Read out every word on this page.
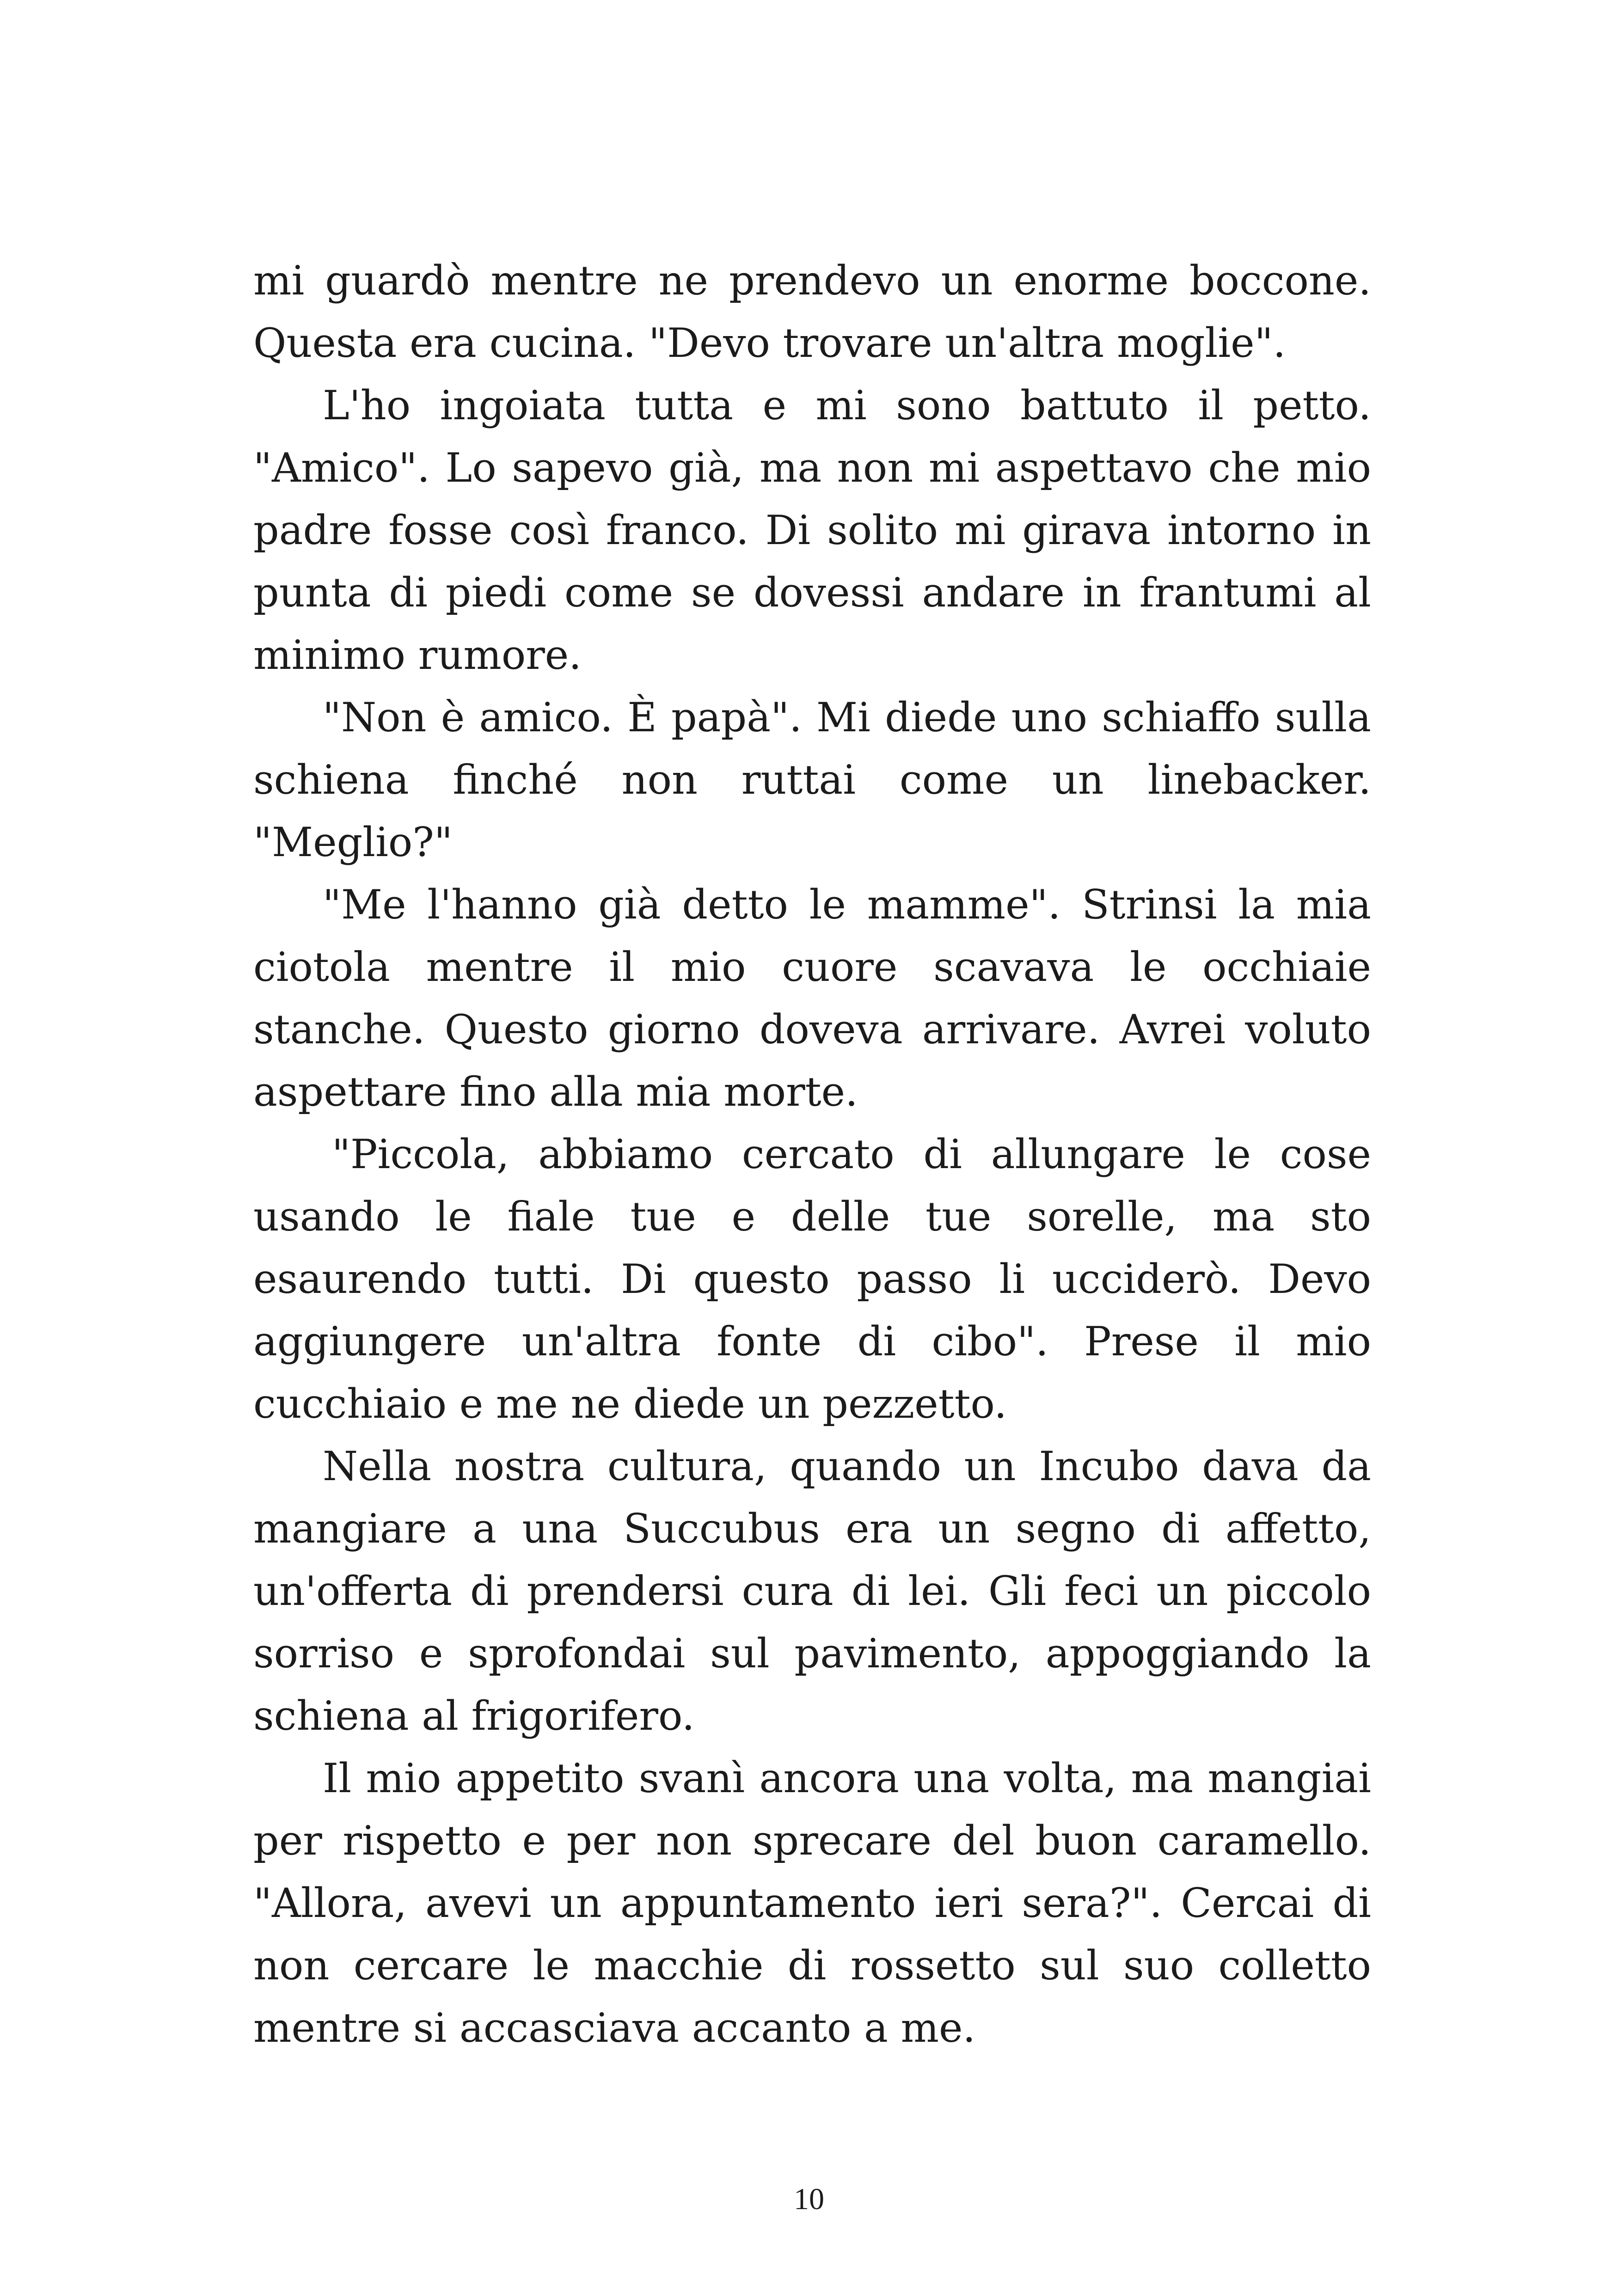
mi guardò mentre ne prendevo un enorme boccone. Questa era cucina. "Devo trovare un'altra moglie".

L'ho ingoiata tutta e mi sono battuto il petto. "Amico". Lo sapevo già, ma non mi aspettavo che mio padre fosse così franco. Di solito mi girava intorno in punta di piedi come se dovessi andare in frantumi al minimo rumore.

"Non è amico. È papà". Mi diede uno schiaffo sulla schiena finché non ruttai come un linebacker. "Meglio?"

"Me l'hanno già detto le mamme". Strinsi la mia ciotola mentre il mio cuore scavava le occhiaie stanche. Questo giorno doveva arrivare. Avrei voluto aspettare fino alla mia morte.

"Piccola, abbiamo cercato di allungare le cose usando le fiale tue e delle tue sorelle, ma sto esaurendo tutti. Di questo passo li ucciderò. Devo aggiungere un'altra fonte di cibo". Prese il mio cucchiaio e me ne diede un pezzetto.

Nella nostra cultura, quando un Incubo dava da mangiare a una Succubus era un segno di affetto, un'offerta di prendersi cura di lei. Gli feci un piccolo sorriso e sprofondai sul pavimento, appoggiando la schiena al frigorifero.

Il mio appetito svanì ancora una volta, ma mangiai per rispetto e per non sprecare del buon caramello. "Allora, avevi un appuntamento ieri sera?". Cercai di non cercare le macchie di rossetto sul suo colletto mentre si accasciava accanto a me.

10
